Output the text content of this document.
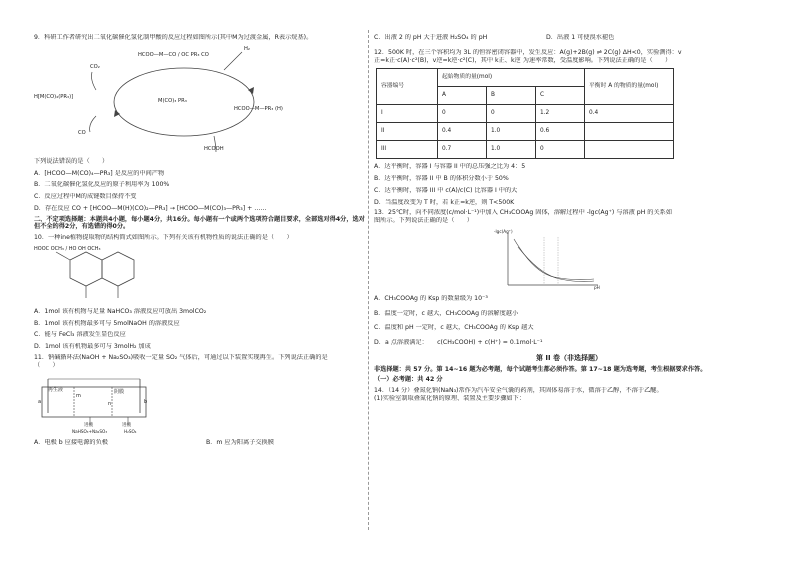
9．科研工作者研究出二氧化碳催化氢化制甲酸的反应过程如图所示(其中M为过渡金属，R表示烷基)。

HCOO—M—CO / OC PR₃ CO
H[M(CO)₄(PR₃)]
M(CO)₃ PR₃
HCOO—M—PR₃ (H)
CO₂
H₂
CO
HCOOH

下列说法错误的是（　　）

A．[HCOO—M(CO)₄—PR₃] 是反应的中间产物

B．二氧化碳催化氢化反应的原子利用率为 100%

C．反应过程中M的成键数目保持不变

D．存在反应 CO + [HCOO—M(H)(CO)₂—PR₃] → [HCOO—M(CO)₃—PR₃] + ……

二、不定项选择题：本题共4小题，每小题4分，共16分。每小题有一个或两个选项符合题目要求，全部选对得4分，选对但不全的得2分，有选错的得0分。

10．一种ine植物提取物的结构简式如图所示。下列有关该有机物性质的说法正确的是（　　）

HOOC OCH₃ / HO OH OCH₃

A．1mol 该有机物与足量 NaHCO₃ 溶液反应可放出 3molCO₂

B．1mol 该有机物最多可与 5molNaOH 的溶液反应

C．能与 FeCl₃ 溶液发生显色反应

D．1mol 该有机物最多可与 3molH₂ 加成

11．钠碱循环法(NaOH + Na₂SO₃)吸收一定量 SO₂ 气体后，可通过以下装置实现再生。下列说法正确的是

（　　）

再生液
a
m
阴膜
n	b
进液
NaHSO₃+Na₂SO₃
进液
H₂SO₄
A．电极 b 应接电源的负极	B．m 应为阳离子交换膜
C．出液 2 的 pH 大于进液 H₂SO₄ 的 pH	D．出液 1 可使溴水褪色

12．500K 时，在三个容积均为 3L 的恒容密闭容器中，发生反应：A(g)+2B(g) ⇌ 2C(g) ΔH<0，实验测得：v

正=k正·c(A)·c²(B)，v逆=k逆·c²(C)，其中 k正、k逆 为速率常数，受温度影响。下列说法正确的是（　　）

容器编号	起始物质的量(mol)			平衡时 A 的物质的量(mol)
	A	B	C	
I	0	0	1.2	0.4
II	0.4	1.0	0.6	
III	0.7	1.0	0	

A．达平衡时，容器 I 与容器 II 中的总压强之比为 4：5

B．达平衡时，容器 II 中 B 的体积分数小于 50%

C．达平衡时，容器 III 中 c(A)/c(C) 比容器 I 中的大

D．当温度改变为 T 时，若 k正=k逆，则 T<500K

13．25℃时，向不同浓度(c/mol·L⁻¹)中加入 CH₃COOAg 固体，溶解过程中 -lgc(Ag⁺) 与溶液 pH 的关系如

图所示。下列说法正确的是（　　）

-lgc(Ag⁺)
pH

A．CH₃COOAg 的 Ksp 的数量级为 10⁻³

B．温度一定时，c 越大，CH₃COOAg 的溶解度越小

C．温度和 pH 一定时，c 越大，CH₃COOAg 的 Ksp 越大

D．a 点溶液满足：　　c(CH₃COOH) + c(H⁺) = 0.1mol·L⁻¹

第 II 卷（非选择题）

非选择题：共 57 分。第 14~16 题为必考题，每个试题考生都必须作答。第 17~18 题为选考题，考生根据要求作答。

（一）必考题：共 42 分

14．（14 分）叠氮化钠(NaN₃)常作为汽车安全气囊的药剂，其固体易溶于水，微溶于乙醇，不溶于乙醚。

(1)实验室制取叠氮化钠的原理、装置及主要步骤如下：
